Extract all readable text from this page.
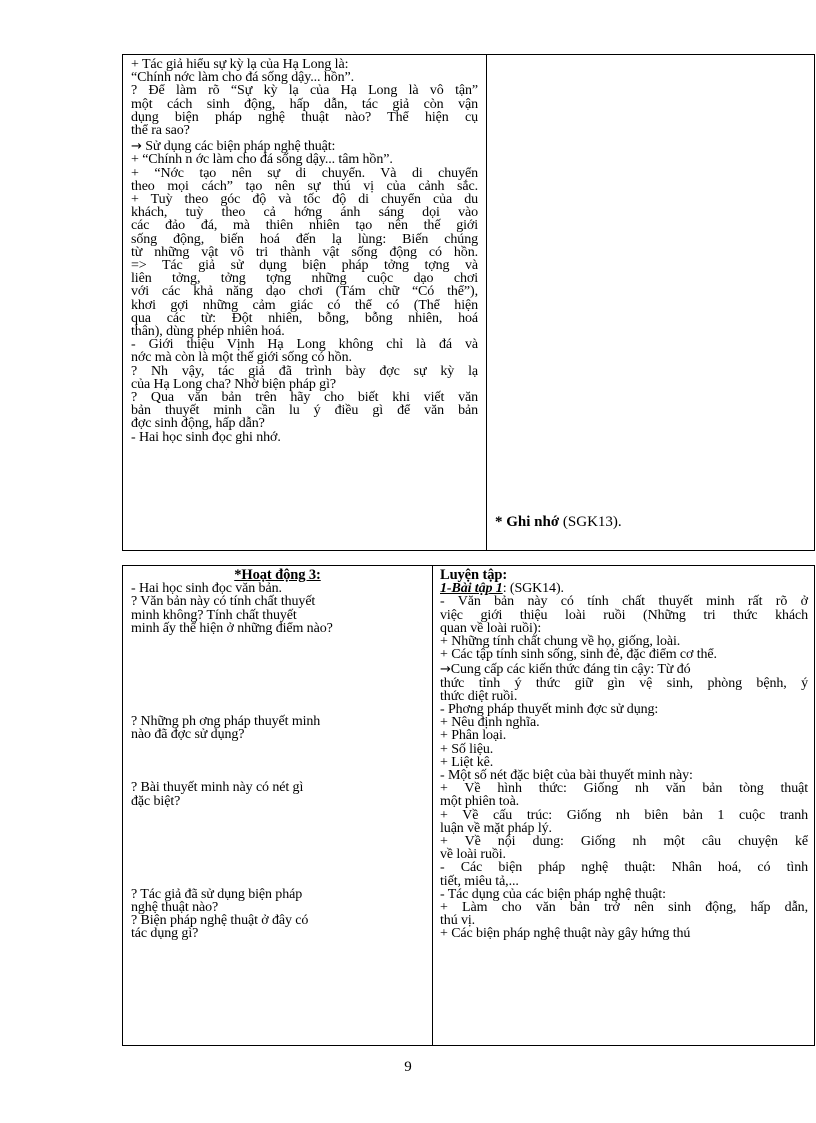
+ Tác giả hiểu sự kỳ lạ của Hạ Long là:
“Chính nớc làm cho đá sống dậy... hồn”.
? Để làm rõ “Sự kỳ lạ của Hạ Long là vô tận”
một cách sinh động, hấp dẫn, tác giả còn vận
dụng biện pháp nghệ thuật nào? Thể hiện cụ
thể ra sao?
→ Sử dụng các biện pháp nghệ thuật:
+ “Chính n ớc làm cho đá sống dậy... tâm hồn”.
+ “Nớc tạo nên sự di chuyển. Và di chuyển
theo mọi cách” tạo nên sự thú vị của cảnh sắc.
+ Tuỳ theo góc độ và tốc độ di chuyển của du
khách, tuỳ theo cả hớng ánh sáng dọi vào
các đảo đá, mà thiên nhiên tạo nên thế giới
sống động, biến hoá đến lạ lùng: Biến chúng
từ những vật vô tri thành vật sống động có hồn.
=> Tác giả sử dụng biện pháp tởng tợng và
liên tởng, tởng tợng những cuộc dạo chơi
với các khả năng dạo chơi (Tám chữ “Có thể”),
khơi gợi những cảm giác có thể có (Thể hiện
qua các từ: Đột nhiên, bỗng, bỗng nhiên, hoá
thân), dùng phép nhiên hoá.
- Giới thiệu Vịnh Hạ Long không chỉ là đá và
nớc mà còn là một thế giới sống có hồn.
? Nh vậy, tác giả đã trình bày đợc sự kỳ lạ
của Hạ Long cha? Nhờ biện pháp gì?
? Qua văn bản trên hãy cho biết khi viết văn
bản thuyết minh cần lu ý điều gì để văn bản
đợc sinh động, hấp dẫn?
- Hai học sinh đọc ghi nhớ.
* Ghi nhớ (SGK13).
*Hoạt động 3:
- Hai học sinh đọc văn bản.
? Văn bản này có tính chất thuyết
minh không? Tính chất thuyết
minh ấy thể hiện ở những điểm nào?
? Những ph ơng pháp thuyết minh
nào đã đợc sử dụng?
? Bài thuyết minh này có nét gì
đặc biệt?
? Tác giả đã sử dụng biện pháp
nghệ thuật nào?
? Biện pháp nghệ thuật ở đây có
tác dụng gì?
Luyện tập:
1-Bài tập 1: (SGK14).
- Văn bản này có tính chất thuyết minh rất rõ ở
việc giới thiệu loài ruồi (Những tri thức khách
quan về loài ruồi):
+ Những tính chất chung về họ, giống, loài.
+ Các tập tính sinh sống, sinh đẻ, đặc điểm cơ thể.
→Cung cấp các kiến thức đáng tin cậy: Từ đó
thức tỉnh ý thức giữ gìn vệ sinh, phòng bệnh, ý
thức diệt ruồi.
- Phơng pháp thuyết minh đợc sử dụng:
+ Nêu định nghĩa.
+ Phân loại.
+ Số liệu.
+ Liệt kê.
- Một số nét đặc biệt của bài thuyết minh này:
+ Về hình thức: Giống nh văn bản tòng thuật
một phiên toà.
+ Về cấu trúc: Giống nh biên bản 1 cuộc tranh
luận về mặt pháp lý.
+ Về nội dung: Giống nh một câu chuyện kể
về loài ruồi.
- Các biện pháp nghệ thuật: Nhân hoá, có tình
tiết, miêu tả,...
- Tác dụng của các biện pháp nghệ thuật:
+ Làm cho văn bản trở nên sinh động, hấp dẫn,
thú vị.
+ Các biện pháp nghệ thuật này gây hứng thú
9
